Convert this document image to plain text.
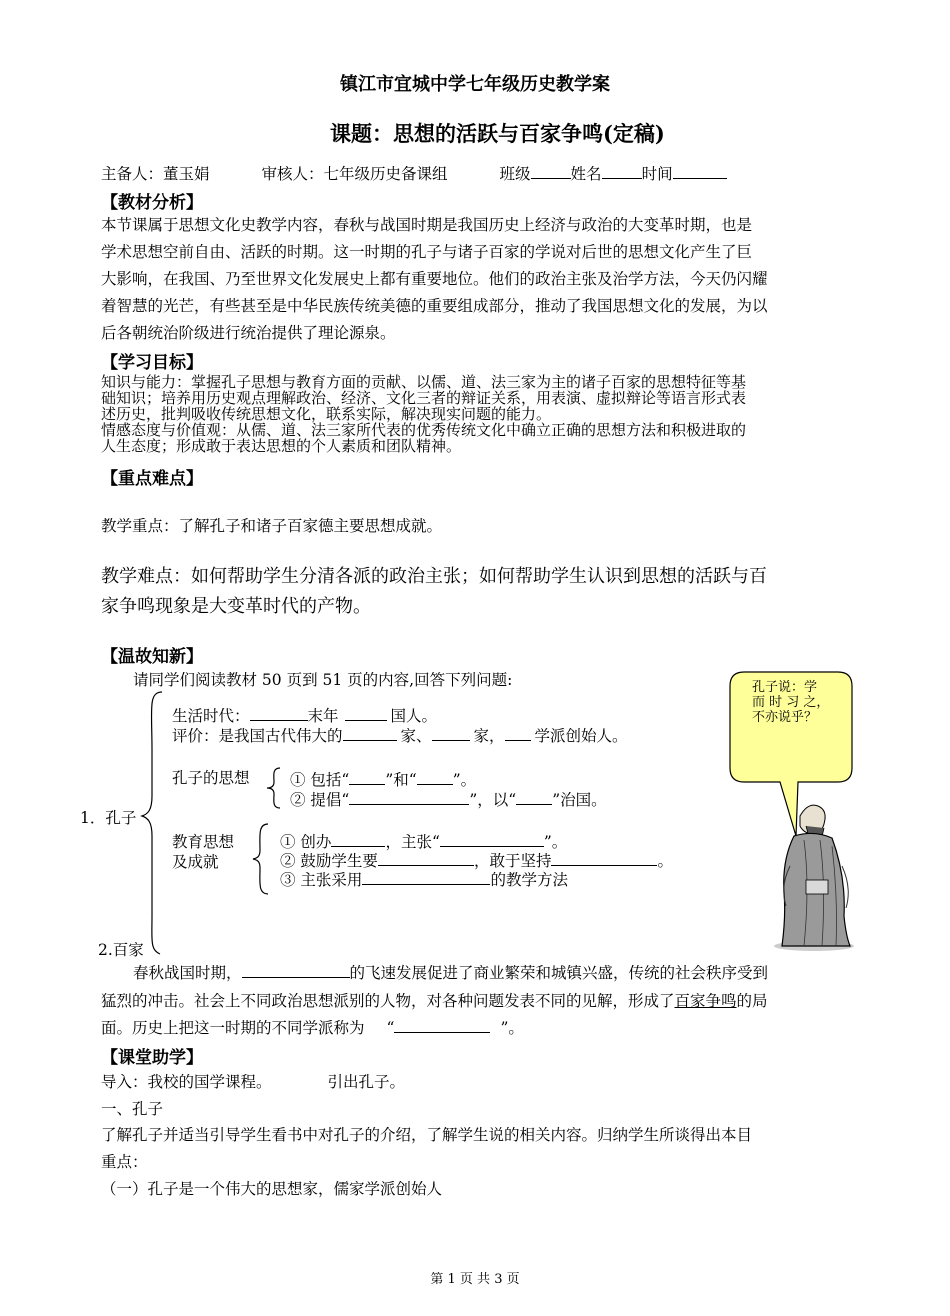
镇江市宜城中学七年级历史教学案
课题：思想的活跃与百家争鸣(定稿)
主备人：董玉娟	审核人：七年级历史备课组	班级	姓名	时间
【教材分析】
本节课属于思想文化史教学内容，春秋与战国时期是我国历史上经济与政治的大变革时期，也是
学术思想空前自由、活跃的时期。这一时期的孔子与诸子百家的学说对后世的思想文化产生了巨
大影响，在我国、乃至世界文化发展史上都有重要地位。他们的政治主张及治学方法，今天仍闪耀
着智慧的光芒，有些甚至是中华民族传统美德的重要组成部分，推动了我国思想文化的发展，为以
后各朝统治阶级进行统治提供了理论源泉。
【学习目标】
知识与能力：掌握孔子思想与教育方面的贡献、以儒、道、法三家为主的诸子百家的思想特征等基
础知识；培养用历史观点理解政治、经济、文化三者的辩证关系，用表演、虚拟辩论等语言形式表
述历史，批判吸收传统思想文化，联系实际，解决现实问题的能力。
情感态度与价值观：从儒、道、法三家所代表的优秀传统文化中确立正确的思想方法和积极进取的
人生态度；形成敢于表达思想的个人素质和团队精神。
【重点难点】
教学重点：了解孔子和诸子百家德主要思想成就。
教学难点：如何帮助学生分清各派的政治主张；如何帮助学生认识到思想的活跃与百
家争鸣现象是大变革时代的产物。
【温故知新】
请同学们阅读教材 50 页到 51 页的内容,回答下列问题:
生活时代：	末年	国人。
评价：是我国古代伟大的	家、	家， 学派创始人。
孔子的思想	① 包括“ ”和“ ”。
② 提倡“	”，以“ ”治国。
1．孔子
教育思想
及成就
① 创办	，主张“	”。
② 鼓励学生要	，敢于坚持	。
③ 主张采用	的教学方法
2.百家
孔子说：学 而 时 习 之，不亦说乎？
春秋战国时期，	的飞速发展促进了商业繁荣和城镇兴盛，传统的社会秩序受到
猛烈的冲击。社会上不同政治思想派别的人物，对各种问题发表不同的见解，形成了百家争鸣的局
面。历史上把这一时期的不同学派称为 “	”。
【课堂助学】
导入：我校的国学课程。	引出孔子。
一、孔子
了解孔子并适当引导学生看书中对孔子的介绍，了解学生说的相关内容。归纳学生所谈得出本目
重点：
（一）孔子是一个伟大的思想家，儒家学派创始人
第 1 页 共 3 页
